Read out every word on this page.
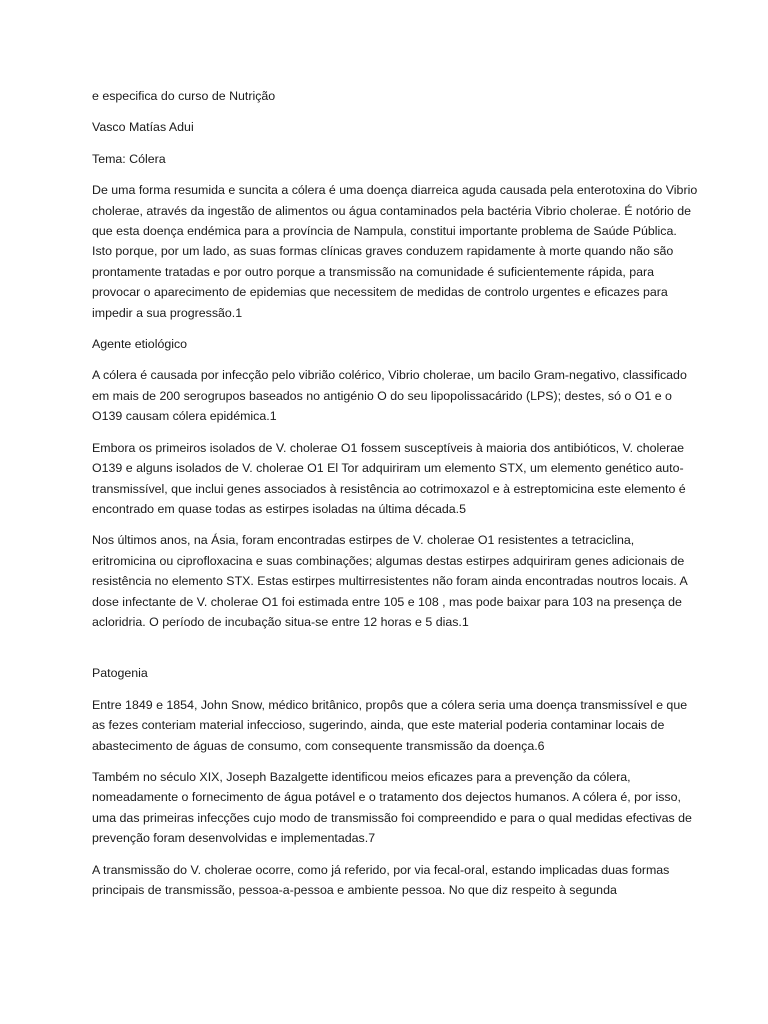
e especifica do curso de Nutrição

Vasco Matías Adui

Tema: Cólera

De uma forma resumida e suncita a cólera é uma doença diarreica aguda causada pela enterotoxina do Vibrio cholerae, através da ingestão de alimentos ou água contaminados pela bactéria Vibrio cholerae. É notório de que esta doença endémica para a província de Nampula, constitui importante problema de Saúde Pública. Isto porque, por um lado, as suas formas clínicas graves conduzem rapidamente à morte quando não são prontamente tratadas e por outro porque a transmissão na comunidade é suficientemente rápida, para provocar o aparecimento de epidemias que necessitem de medidas de controlo urgentes e eficazes para impedir a sua progressão.1

Agente etiológico

A cólera é causada por infecção pelo vibrião colérico, Vibrio cholerae, um bacilo Gram-negativo, classificado em mais de 200 serogrupos baseados no antigénio O do seu lipopolissacárido (LPS); destes, só o O1 e o O139 causam cólera epidémica.1

Embora os primeiros isolados de V. cholerae O1 fossem susceptíveis à maioria dos antibióticos, V. cholerae O139 e alguns isolados de V. cholerae O1 El Tor adquiriram um elemento STX, um elemento genético auto-transmissível, que inclui genes associados à resistência ao cotrimoxazol e à estreptomicina este elemento é encontrado em quase todas as estirpes isoladas na última década.5

Nos últimos anos, na Ásia, foram encontradas estirpes de V. cholerae O1 resistentes a tetraciclina, eritromicina ou ciprofloxacina e suas combinações; algumas destas estirpes adquiriram genes adicionais de resistência no elemento STX. Estas estirpes multirresistentes não foram ainda encontradas noutros locais. A dose infectante de V. cholerae O1 foi estimada entre 105 e 108 , mas pode baixar para 103 na presença de acloridria. O período de incubação situa-se entre 12 horas e 5 dias.1

Patogenia

Entre 1849 e 1854, John Snow, médico britânico, propôs que a cólera seria uma doença transmissível e que as fezes conteriam material infeccioso, sugerindo, ainda, que este material poderia contaminar locais de abastecimento de águas de consumo, com consequente transmissão da doença.6

Também no século XIX, Joseph Bazalgette identificou meios eficazes para a prevenção da cólera, nomeadamente o fornecimento de água potável e o tratamento dos dejectos humanos. A cólera é, por isso, uma das primeiras infecções cujo modo de transmissão foi compreendido e para o qual medidas efectivas de prevenção foram desenvolvidas e implementadas.7

A transmissão do V. cholerae ocorre, como já referido, por via fecal-oral, estando implicadas duas formas principais de transmissão, pessoa-a-pessoa e ambiente pessoa. No que diz respeito à segunda
